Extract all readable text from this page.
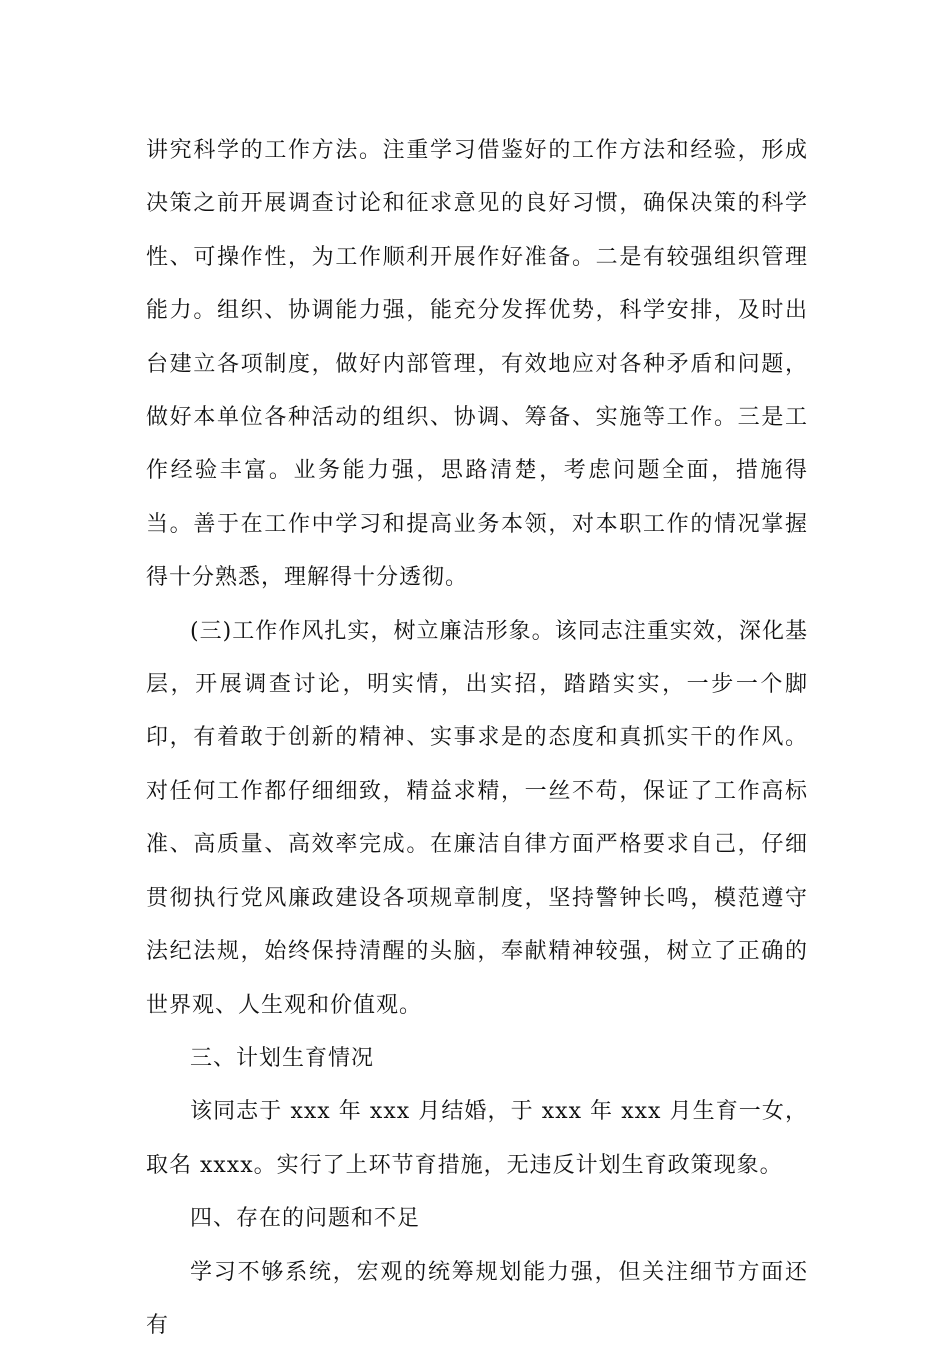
讲究科学的工作方法。注重学习借鉴好的工作方法和经验，形成决策之前开展调查讨论和征求意见的良好习惯，确保决策的科学性、可操作性，为工作顺利开展作好准备。二是有较强组织管理能力。组织、协调能力强，能充分发挥优势，科学安排，及时出台建立各项制度，做好内部管理，有效地应对各种矛盾和问题，做好本单位各种活动的组织、协调、筹备、实施等工作。三是工作经验丰富。业务能力强，思路清楚，考虑问题全面，措施得当。善于在工作中学习和提高业务本领，对本职工作的情况掌握得十分熟悉，理解得十分透彻。

(三)工作作风扎实，树立廉洁形象。该同志注重实效，深化基层，开展调查讨论，明实情，出实招，踏踏实实，一步一个脚印，有着敢于创新的精神、实事求是的态度和真抓实干的作风。对任何工作都仔细细致，精益求精，一丝不苟，保证了工作高标准、高质量、高效率完成。在廉洁自律方面严格要求自己，仔细贯彻执行党风廉政建设各项规章制度，坚持警钟长鸣，模范遵守法纪法规，始终保持清醒的头脑，奉献精神较强，树立了正确的世界观、人生观和价值观。

三、计划生育情况

该同志于 xxx 年 xxx 月结婚，于 xxx 年 xxx 月生育一女，取名 xxxx。实行了上环节育措施，无违反计划生育政策现象。

四、存在的问题和不足

学习不够系统，宏观的统筹规划能力强，但关注细节方面还有
